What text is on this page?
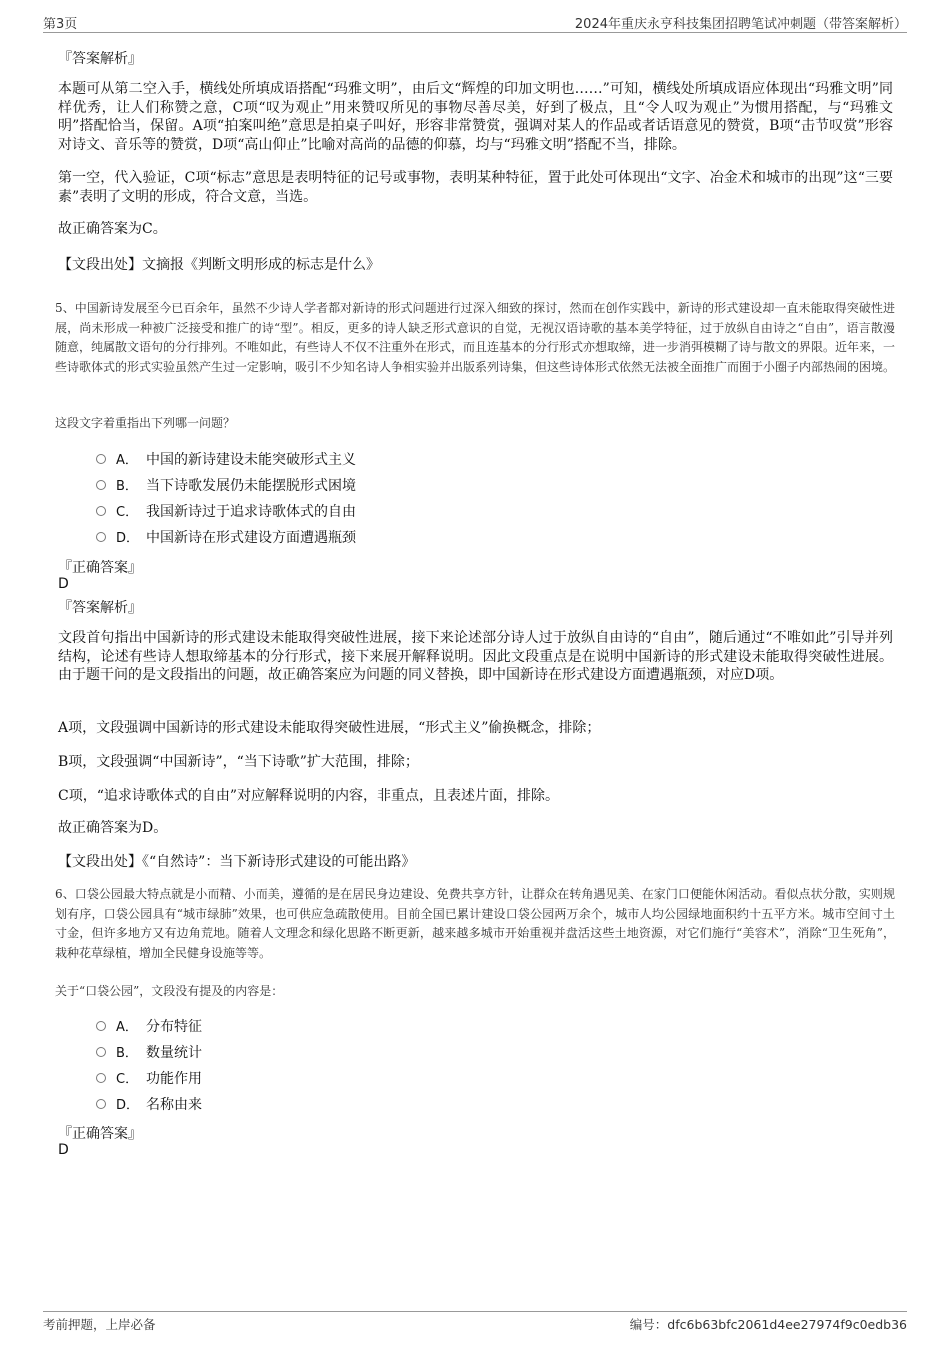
第3页	2024年重庆永亨科技集团招聘笔试冲刺题（带答案解析）
『答案解析』
本题可从第二空入手，横线处所填成语搭配“玛雅文明”，由后文“辉煌的印加文明也……”可知，横线处所填成语应体现出“玛雅文明”同样优秀，让人们称赞之意，C项“叹为观止”用来赞叹所见的事物尽善尽美，好到了极点，且“令人叹为观止”为惯用搭配，与“玛雅文明”搭配恰当，保留。A项“拍案叫绝”意思是拍桌子叫好，形容非常赞赏，强调对某人的作品或者话语意见的赞赏，B项“击节叹赏”形容对诗文、音乐等的赞赏，D项“高山仰止”比喻对高尚的品德的仰慕，均与“玛雅文明”搭配不当，排除。
第一空，代入验证，C项“标志”意思是表明特征的记号或事物，表明某种特征，置于此处可体现出“文字、冶金术和城市的出现”这“三要素”表明了文明的形成，符合文意，当选。
故正确答案为C。
【文段出处】文摘报《判断文明形成的标志是什么》
5、中国新诗发展至今已百余年，虽然不少诗人学者都对新诗的形式问题进行过深入细致的探讨，然而在创作实践中，新诗的形式建设却一直未能取得突破性进展，尚未形成一种被广泛接受和推广的诗“型”。相反，更多的诗人缺乏形式意识的自觉，无视汉语诗歌的基本美学特征，过于放纵自由诗之“自由”，语言散漫随意，纯属散文语句的分行排列。不唯如此，有些诗人不仅不注重外在形式，而且连基本的分行形式亦想取缔，进一步消弭模糊了诗与散文的界限。近年来，一些诗歌体式的形式实验虽然产生过一定影响，吸引不少知名诗人争相实验并出版系列诗集，但这些诗体形式依然无法被全面推广而囿于小圈子内部热闹的困境。
这段文字着重指出下列哪一问题？
A． 中国的新诗建设未能突破形式主义
B． 当下诗歌发展仍未能摆脱形式困境
C． 我国新诗过于追求诗歌体式的自由
D． 中国新诗在形式建设方面遭遇瓶颈
『正确答案』
D
『答案解析』
文段首句指出中国新诗的形式建设未能取得突破性进展，接下来论述部分诗人过于放纵自由诗的“自由”，随后通过“不唯如此”引导并列结构，论述有些诗人想取缔基本的分行形式，接下来展开解释说明。因此文段重点是在说明中国新诗的形式建设未能取得突破性进展。由于题干问的是文段指出的问题，故正确答案应为问题的同义替换，即中国新诗在形式建设方面遭遇瓶颈，对应D项。
A项，文段强调中国新诗的形式建设未能取得突破性进展，“形式主义”偷换概念，排除；
B项，文段强调“中国新诗”，“当下诗歌”扩大范围，排除；
C项，“追求诗歌体式的自由”对应解释说明的内容，非重点，且表述片面，排除。
故正确答案为D。
【文段出处】《“自然诗”：当下新诗形式建设的可能出路》
6、口袋公园最大特点就是小而精、小而美，遵循的是在居民身边建设、免费共享方针，让群众在转角遇见美、在家门口便能休闲活动。看似点状分散，实则规划有序，口袋公园具有“城市绿肺”效果，也可供应急疏散使用。目前全国已累计建设口袋公园两万余个，城市人均公园绿地面积约十五平方米。城市空间寸土寸金，但许多地方又有边角荒地。随着人文理念和绿化思路不断更新，越来越多城市开始重视并盘活这些土地资源，对它们施行“美容术”，消除“卫生死角”，栽种花草绿植，增加全民健身设施等等。
关于“口袋公园”，文段没有提及的内容是：
A． 分布特征
B． 数量统计
C． 功能作用
D． 名称由来
『正确答案』
D
考前押题，上岸必备	编号：dfc6b63bfc2061d4ee27974f9c0edb36
